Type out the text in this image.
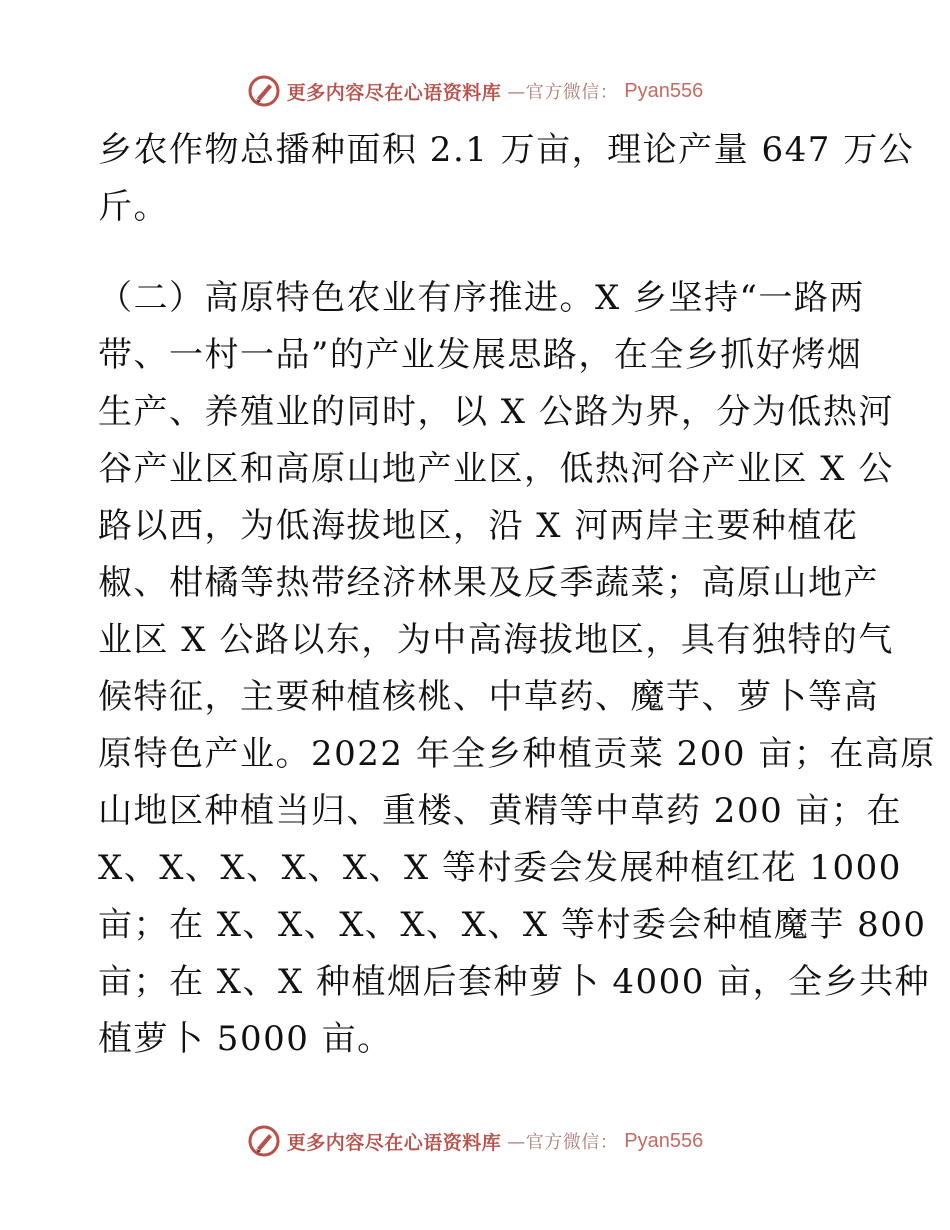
更多内容尽在心语资料库 —官方微信： Pyan556
乡农作物总播种面积 2.1 万亩，理论产量 647 万公
斤。
（二）高原特色农业有序推进。X 乡坚持“一路两
带、一村一品”的产业发展思路，在全乡抓好烤烟
生产、养殖业的同时，以 X 公路为界，分为低热河
谷产业区和高原山地产业区，低热河谷产业区 X 公
路以西，为低海拔地区，沿 X 河两岸主要种植花
椒、柑橘等热带经济林果及反季蔬菜；高原山地产
业区 X 公路以东，为中高海拔地区，具有独特的气
候特征，主要种植核桃、中草药、魔芋、萝卜等高
原特色产业。2022 年全乡种植贡菜 200 亩；在高原
山地区种植当归、重楼、黄精等中草药 200 亩；在
X、X、X、X、X、X 等村委会发展种植红花 1000
亩；在 X、X、X、X、X、X 等村委会种植魔芋 800
亩；在 X、X 种植烟后套种萝卜 4000 亩，全乡共种
植萝卜 5000 亩。
更多内容尽在心语资料库 —官方微信： Pyan556
